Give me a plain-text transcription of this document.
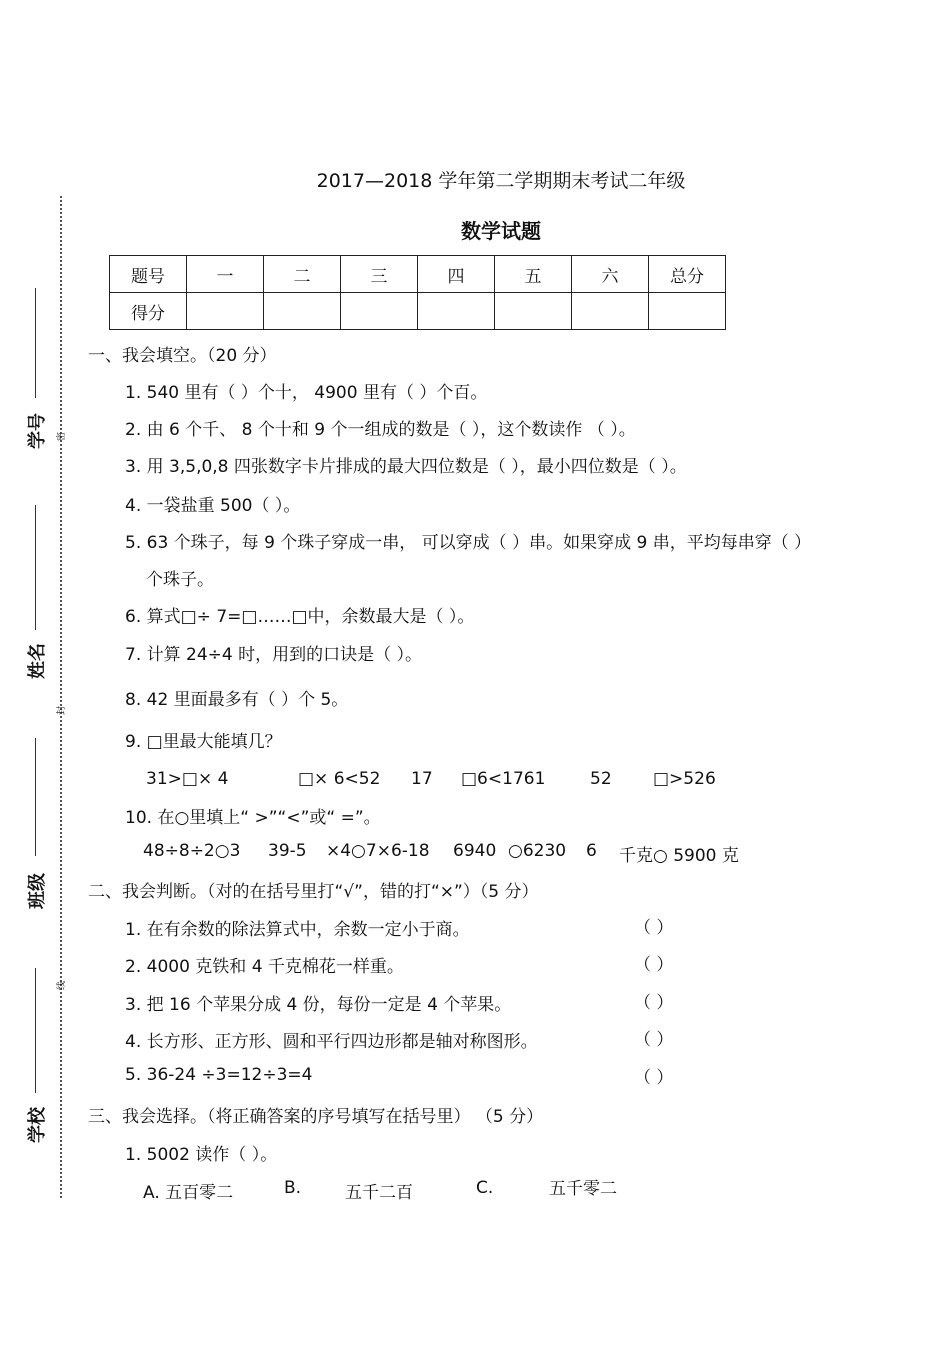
2017—2018 学年第二学期期末考试二年级
数学试题
题号	一	二	三	四	五	六	总分
得分							
学号
姓名
班级
学校
密
封
线
一、我会填空。（20 分）
1. 540 里有（ ）个十， 4900 里有（ ）个百。
2. 由 6 个千、 8 个十和 9 个一组成的数是（ ），这个数读作 （ ）。
3. 用 3,5,0,8 四张数字卡片排成的最大四位数是（ ），最小四位数是（ ）。
4. 一袋盐重 500（ ）。
5. 63 个珠子，每 9 个珠子穿成一串， 可以穿成（ ）串。如果穿成 9 串，平均每串穿（ ）
个珠子。
6. 算式□÷ 7=□……□中，余数最大是（ ）。
7. 计算 24÷4 时，用到的口诀是（ ）。
8. 42 里面最多有（ ）个 5。
9. □里最大能填几？
31>□× 4	□× 6<52 17 □6<1761	52 □>526
10. 在○里填上“ >”“<”或“ =”。
48÷8÷2○3 39-5 ×4○7×6-18 6940 ○6230 6 千克○ 5900 克
二、我会判断。（对的在括号里打“√”，错的打“×”）（5 分）
1. 在有余数的除法算式中，余数一定小于商。	（ ）
2. 4000 克铁和 4 千克棉花一样重。	（ ）
3. 把 16 个苹果分成 4 份，每份一定是 4 个苹果。	（ ）
4. 长方形、正方形、圆和平行四边形都是轴对称图形。	（ ）
5. 36-24 ÷3=12÷3=4	（ ）
三、我会选择。（将正确答案的序号填写在括号里） （5 分）
1. 5002 读作（ ）。
A. 五百零二	B.	五千二百	C.	五千零二
